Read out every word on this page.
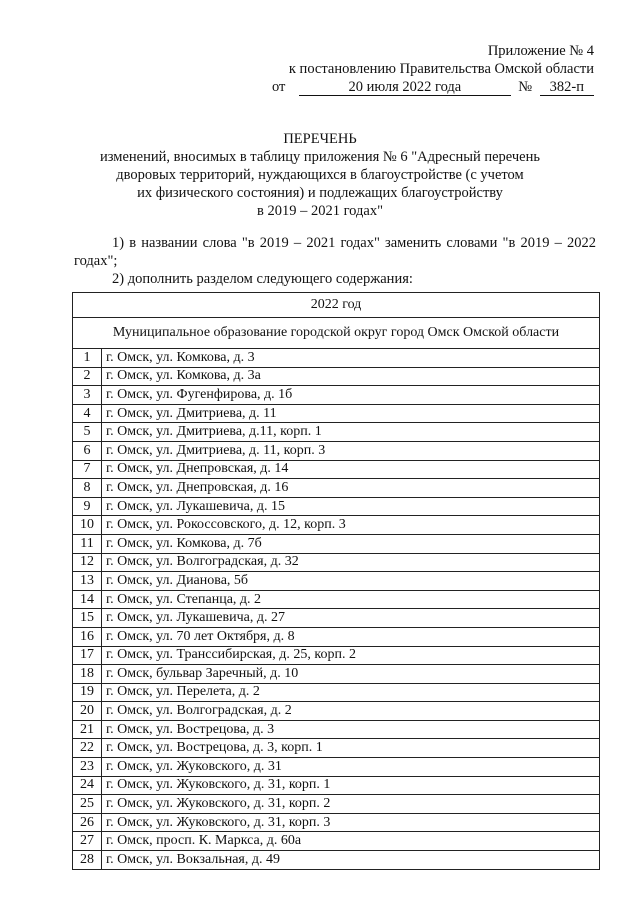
Приложение № 4
к постановлению Правительства Омской области
от	20 июля 2022 года	№	382-п
ПЕРЕЧЕНЬ
изменений, вносимых в таблицу приложения № 6 "Адресный перечень
дворовых территорий, нуждающихся в благоустройстве (с учетом
их физического состояния) и подлежащих благоустройству
в 2019 – 2021 годах"

1) в названии слова "в 2019 – 2021 годах" заменить словами "в 2019 – 2022 годах";

2) дополнить разделом следующего содержания:

2022 год	
Муниципальное образование городской округ город Омск Омской области	
1	г. Омск, ул. Комкова, д. 3
2	г. Омск, ул. Комкова, д. 3а
3	г. Омск, ул. Фугенфирова, д. 1б
4	г. Омск, ул. Дмитриева, д. 11
5	г. Омск, ул. Дмитриева, д.11, корп. 1
6	г. Омск, ул. Дмитриева, д. 11, корп. 3
7	г. Омск, ул. Днепровская, д. 14
8	г. Омск, ул. Днепровская, д. 16
9	г. Омск, ул. Лукашевича, д. 15
10	г. Омск, ул. Рокоссовского, д. 12, корп. 3
11	г. Омск, ул. Комкова, д. 7б
12	г. Омск, ул. Волгоградская, д. 32
13	г. Омск, ул. Дианова, 5б
14	г. Омск, ул. Степанца, д. 2
15	г. Омск, ул. Лукашевича, д. 27
16	г. Омск, ул. 70 лет Октября, д. 8
17	г. Омск, ул. Транссибирская, д. 25, корп. 2
18	г. Омск, бульвар Заречный, д. 10
19	г. Омск, ул. Перелета, д. 2
20	г. Омск, ул. Волгоградская, д. 2
21	г. Омск, ул. Вострецова, д. 3
22	г. Омск, ул. Вострецова, д. 3, корп. 1
23	г. Омск, ул. Жуковского, д. 31
24	г. Омск, ул. Жуковского, д. 31, корп. 1
25	г. Омск, ул. Жуковского, д. 31, корп. 2
26	г. Омск, ул. Жуковского, д. 31, корп. 3
27	г. Омск, просп. К. Маркса, д. 60а
28	г. Омск, ул. Вокзальная, д. 49
